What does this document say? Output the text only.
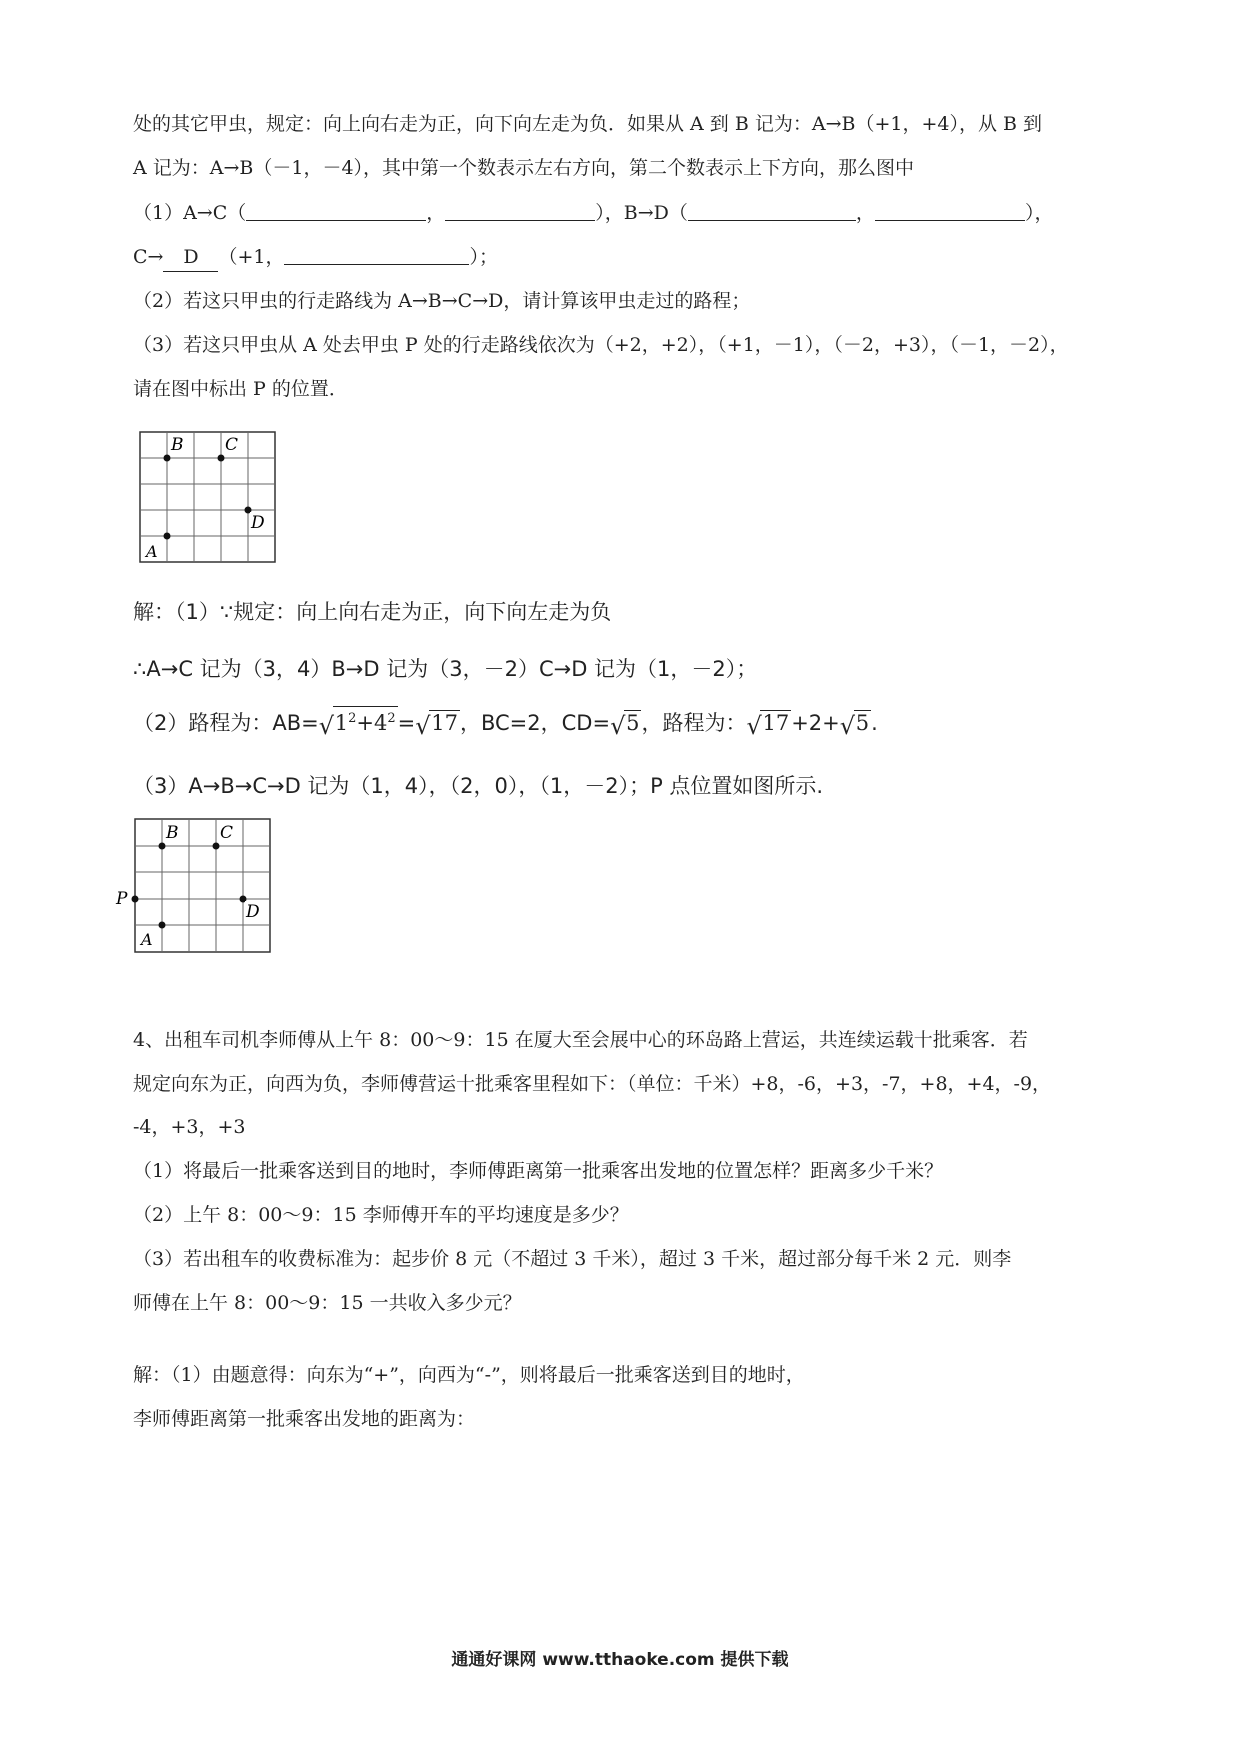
处的其它甲虫，规定：向上向右走为正，向下向左走为负．如果从 A 到 B 记为：A→B（+1，+4），从 B 到
A 记为：A→B（－1，－4），其中第一个数表示左右方向，第二个数表示上下方向，那么图中
（1）A→C（	，	），B→D（	，	），
C→ D （+1，	）；
（2）若这只甲虫的行走路线为 A→B→C→D，请计算该甲虫走过的路程；
（3）若这只甲虫从 A 处去甲虫 P 处的行走路线依次为（+2，+2），（+1，－1），（－2，+3），（－1，－2），
请在图中标出 P 的位置．
B C
D
A
解：（1）∵规定：向上向右走为正，向下向左走为负
∴A→C 记为（3，4）B→D 记为（3，－2）C→D 记为（1，－2）；
（2）路程为：AB= √ $1^2+4^2=$ √ 17，BC=2，CD= √ 5，路程为： √ 17+2+ √ 5.
（3）A→B→C→D 记为（1，4），（2，0），（1，－2）；P 点位置如图所示.
B C
P
D
A
4、出租车司机李师傅从上午 8：00～9：15 在厦大至会展中心的环岛路上营运，共连续运载十批乘客．若
规定向东为正，向西为负，李师傅营运十批乘客里程如下：（单位：千米）+8，-6，+3，-7，+8，+4，-9，
-4，+3，+3
（1）将最后一批乘客送到目的地时，李师傅距离第一批乘客出发地的位置怎样？距离多少千米？
（2）上午 8：00～9：15 李师傅开车的平均速度是多少？
（3）若出租车的收费标准为：起步价 8 元（不超过 3 千米），超过 3 千米，超过部分每千米 2 元．则李
师傅在上午 8：00～9：15 一共收入多少元？
解：（1）由题意得：向东为“+”，向西为“-”，则将最后一批乘客送到目的地时，
李师傅距离第一批乘客出发地的距离为：
通通好课网 www.tthaoke.com 提供下载
